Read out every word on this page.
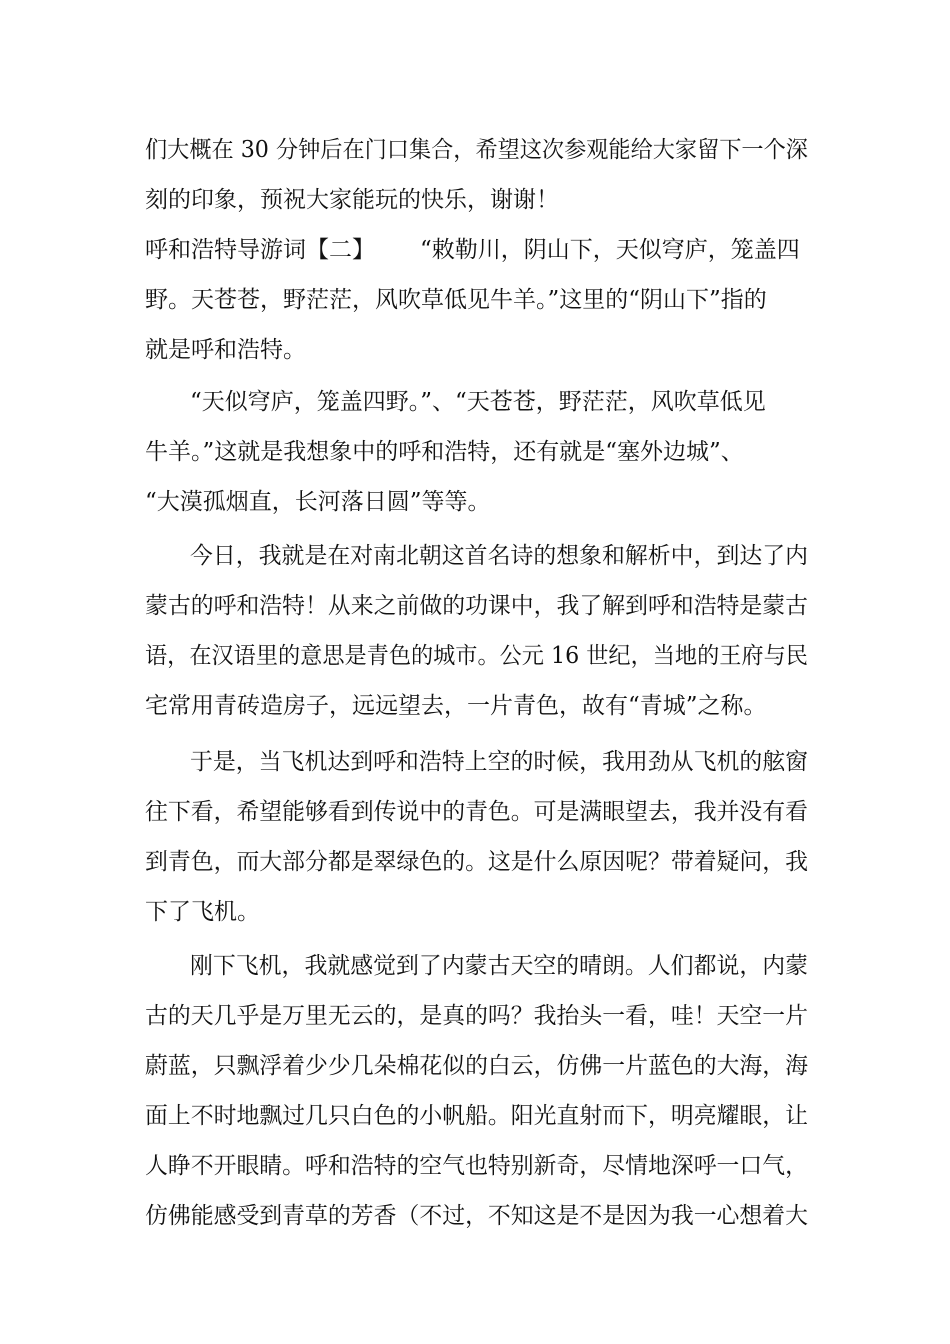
们大概在 30 分钟后在门口集合，希望这次参观能给大家留下一个深
刻的印象，预祝大家能玩的快乐，谢谢！
呼和浩特导游词【二】 “敕勒川，阴山下，天似穹庐，笼盖四
野。天苍苍，野茫茫，风吹草低见牛羊。”这里的“阴山下”指的
就是呼和浩特。
“天似穹庐，笼盖四野。”、“天苍苍，野茫茫，风吹草低见
牛羊。”这就是我想象中的呼和浩特，还有就是“塞外边城”、
“大漠孤烟直，长河落日圆”等等。
今日，我就是在对南北朝这首名诗的想象和解析中，到达了内
蒙古的呼和浩特！从来之前做的功课中，我了解到呼和浩特是蒙古
语，在汉语里的意思是青色的城市。公元 16 世纪，当地的王府与民
宅常用青砖造房子，远远望去，一片青色，故有“青城”之称。
于是，当飞机达到呼和浩特上空的时候，我用劲从飞机的舷窗
往下看，希望能够看到传说中的青色。可是满眼望去，我并没有看
到青色，而大部分都是翠绿色的。这是什么原因呢？带着疑问，我
下了飞机。
刚下飞机，我就感觉到了内蒙古天空的晴朗。人们都说，内蒙
古的天几乎是万里无云的，是真的吗？我抬头一看，哇！天空一片
蔚蓝，只飘浮着少少几朵棉花似的白云，仿佛一片蓝色的大海，海
面上不时地飘过几只白色的小帆船。阳光直射而下，明亮耀眼，让
人睁不开眼睛。呼和浩特的空气也特别新奇，尽情地深呼一口气，
仿佛能感受到青草的芳香（不过，不知这是不是因为我一心想着大
